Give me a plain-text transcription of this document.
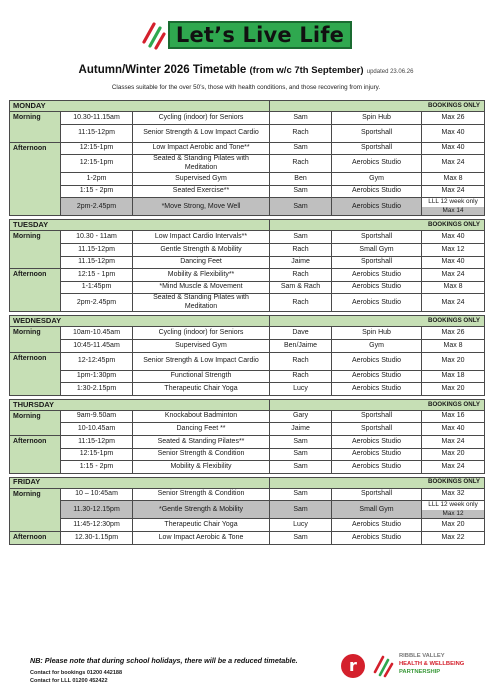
Let’s Live Life
Autumn/Winter 2026 Timetable (from w/c 7th September) updated 23.06.26
Classes suitable for the over 50’s, those with health conditions, and those recovering from injury.
MONDAY			BOOKINGS ONLY		
Morning	10.30-11.15am	Cycling (indoor) for Seniors	Sam	Spin Hub	Max 26
	11:15-12pm	Senior Strength & Low Impact Cardio	Rach	Sportshall	Max 40
Afternoon	12:15-1pm	Low Impact Aerobic and Tone**	Sam	Sportshall	Max 40
	12:15-1pm	Seated & Standing Pilates with Meditation	Rach	Aerobics Studio	Max 24
	1-2pm	Supervised Gym	Ben	Gym	Max 8
	1:15 - 2pm	Seated Exercise**	Sam	Aerobics Studio	Max 24
	2pm-2.45pm	*Move Strong, Move Well	Sam	Aerobics Studio	LLL 12 week only
Max 14

TUESDAY			BOOKINGS ONLY		
Morning	10.30 - 11am	Low Impact Cardio Intervals**	Sam	Sportshall	Max 40
	11.15-12pm	Gentle Strength & Mobility	Rach	Small Gym	Max 12
	11.15-12pm	Dancing Feet	Jaime	Sportshall	Max 40
Afternoon	12:15 - 1pm	Mobility & Flexibility**	Rach	Aerobics Studio	Max 24
	1-1:45pm	*Mind Muscle & Movement	Sam & Rach	Aerobics Studio	Max 8
	2pm-2.45pm	Seated & Standing Pilates with Meditation	Rach	Aerobics Studio	Max 24

WEDNESDAY			BOOKINGS ONLY		
Morning	10am-10.45am	Cycling (indoor) for Seniors	Dave	Spin Hub	Max 26
	10:45-11.45am	Supervised Gym	Ben/Jaime	Gym	Max 8
Afternoon	12-12:45pm	Senior Strength & Low Impact Cardio	Rach	Aerobics Studio	Max 20
	1pm-1:30pm	Functional Strength	Rach	Aerobics Studio	Max 18
	1:30-2.15pm	Therapeutic Chair Yoga	Lucy	Aerobics Studio	Max 20

THURSDAY			BOOKINGS ONLY		
Morning	9am-9.50am	Knockabout Badminton	Gary	Sportshall	Max 16
	10-10.45am	Dancing Feet **	Jaime	Sportshall	Max 40
Afternoon	11:15-12pm	Seated & Standing Pilates**	Sam	Aerobics Studio	Max 24
	12:15-1pm	Senior Strength & Condition	Sam	Aerobics Studio	Max 20
	1:15 - 2pm	Mobility & Flexibility	Sam	Aerobics Studio	Max 24

FRIDAY			BOOKINGS ONLY		
Morning	10 – 10:45am	Senior Strength & Condition	Sam	Sportshall	Max 32
	11.30-12.15pm	*Gentle Strength & Mobility	Sam	Small Gym	LLL 12 week only
Max 12

	11:45-12:30pm	Therapeutic Chair Yoga	Lucy	Aerobics Studio	Max 20
Afternoon	12.30-1.15pm	Low Impact Aerobic & Tone	Sam	Aerobics Studio	Max 22
NB: Please note that during school holidays, there will be a reduced timetable.
Contact for bookings 01200 442188
Contact for LLL 01200 452422
r	RIBBLE VALLEY
HEALTH & WELLBEING
PARTNERSHIP
